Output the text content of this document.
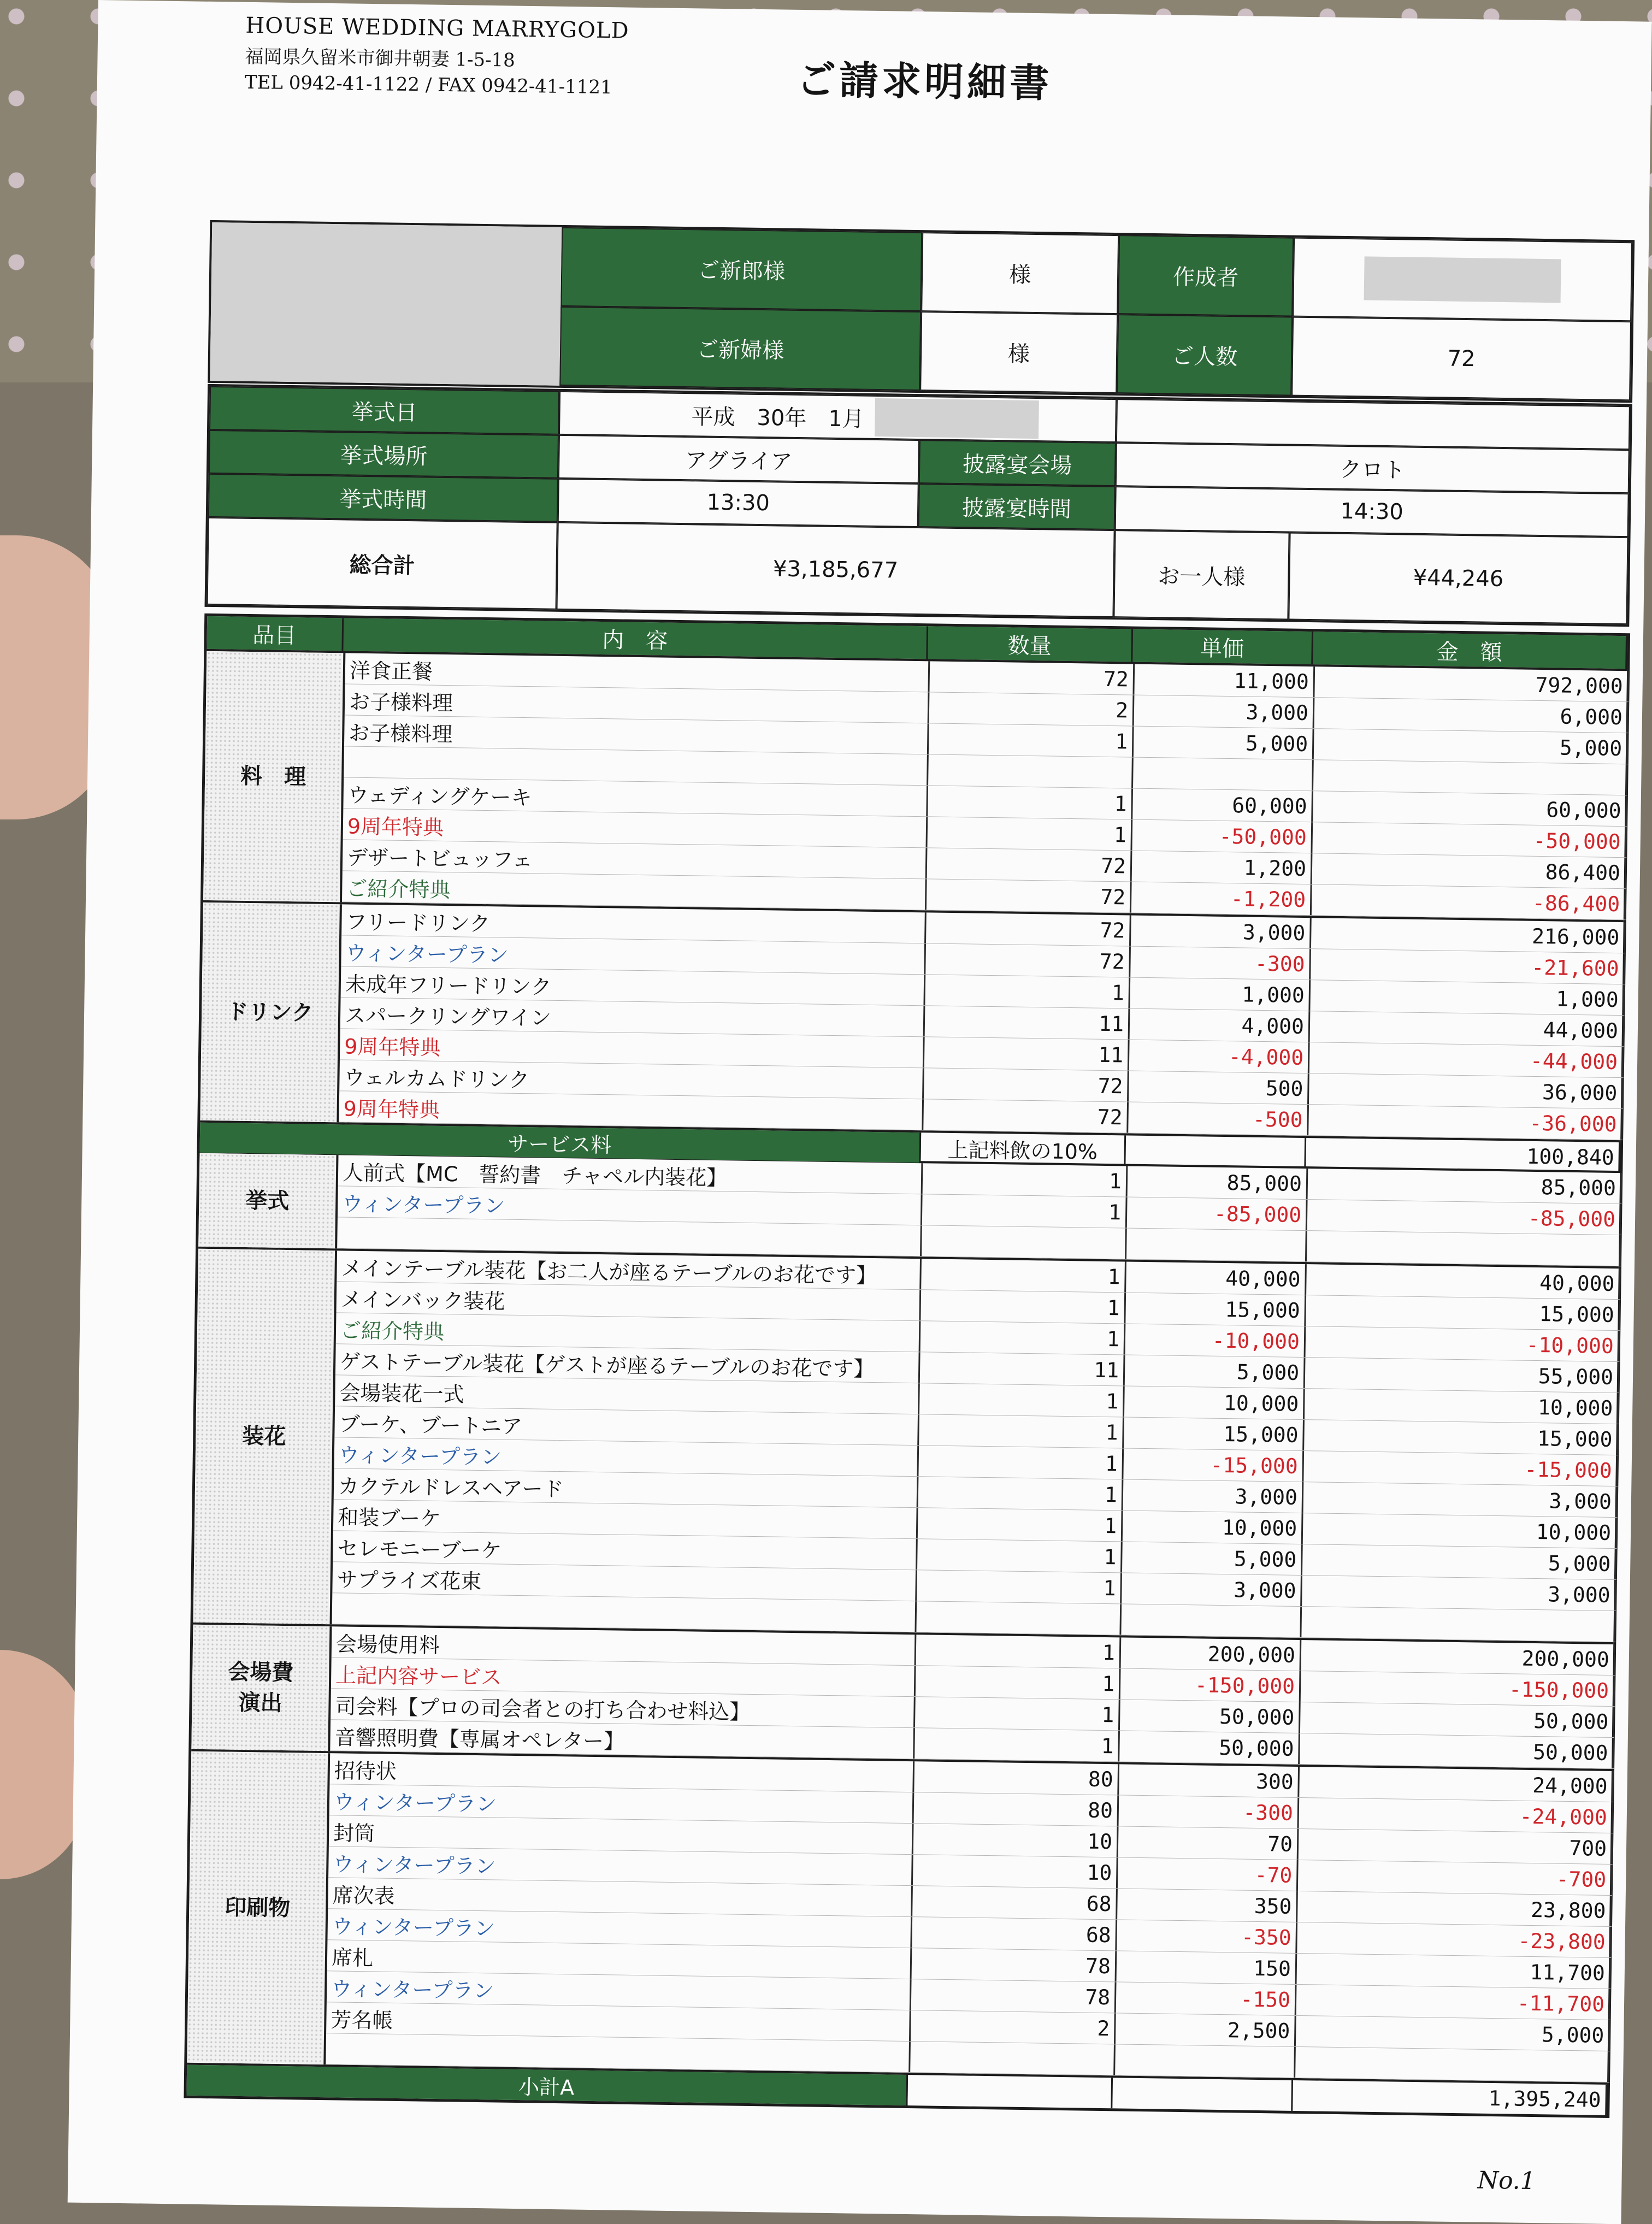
HOUSE WEDDING MARRYGOLD
福岡県久留米市御井朝妻 1-5-18
TEL 0942-41-1122 / FAX 0942-41-1121	ご請求明細書
ご新郎様	様	作成者
ご新婦様	様	ご人数	72
挙式日	平成　30年　1月
挙式場所	アグライア	披露宴会場	クロト
挙式時間	13:30	披露宴時間	14:30
総合計	¥3,185,677	お一人様	¥44,246
品目	内　容	数量	単価	金　額
料　理
洋食正餐	72	11,000	792,000
お子様料理	2	3,000	6,000
お子様料理	1	5,000	5,000
ウェディングケーキ	1	60,000	60,000
9周年特典	1	-50,000	-50,000
デザートビュッフェ	72	1,200	86,400
ご紹介特典	72	-1,200	-86,400
ドリンク
フリードリンク	72	3,000	216,000
ウィンタープラン	72	-300	-21,600
未成年フリードリンク	1	1,000	1,000
スパークリングワイン	11	4,000	44,000
9周年特典	11	-4,000	-44,000
ウェルカムドリンク	72	500	36,000
9周年特典	72	-500	-36,000
サービス料	上記料飲の10%	100,840
挙式
人前式【MC　誓約書　チャペル内装花】	1	85,000	85,000
ウィンタープラン	1	-85,000	-85,000
装花
メインテーブル装花【お二人が座るテーブルのお花です】	1	40,000	40,000
メインバック装花	1	15,000	15,000
ご紹介特典	1	-10,000	-10,000
ゲストテーブル装花【ゲストが座るテーブルのお花です】	11	5,000	55,000
会場装花一式	1	10,000	10,000
ブーケ、ブートニア	1	15,000	15,000
ウィンタープラン	1	-15,000	-15,000
カクテルドレスヘアード	1	3,000	3,000
和装ブーケ	1	10,000	10,000
セレモニーブーケ	1	5,000	5,000
サプライズ花束	1	3,000	3,000
会場費
演出
会場使用料	1	200,000	200,000
上記内容サービス	1	-150,000	-150,000
司会料【プロの司会者との打ち合わせ料込】	1	50,000	50,000
音響照明費【専属オペレター】	1	50,000	50,000
印刷物
招待状	80	300	24,000
ウィンタープラン	80	-300	-24,000
封筒	10	70	700
ウィンタープラン	10	-70	-700
席次表	68	350	23,800
ウィンタープラン	68	-350	-23,800
席札	78	150	11,700
ウィンタープラン	78	-150	-11,700
芳名帳	2	2,500	5,000
小計A	1,395,240
No.1
